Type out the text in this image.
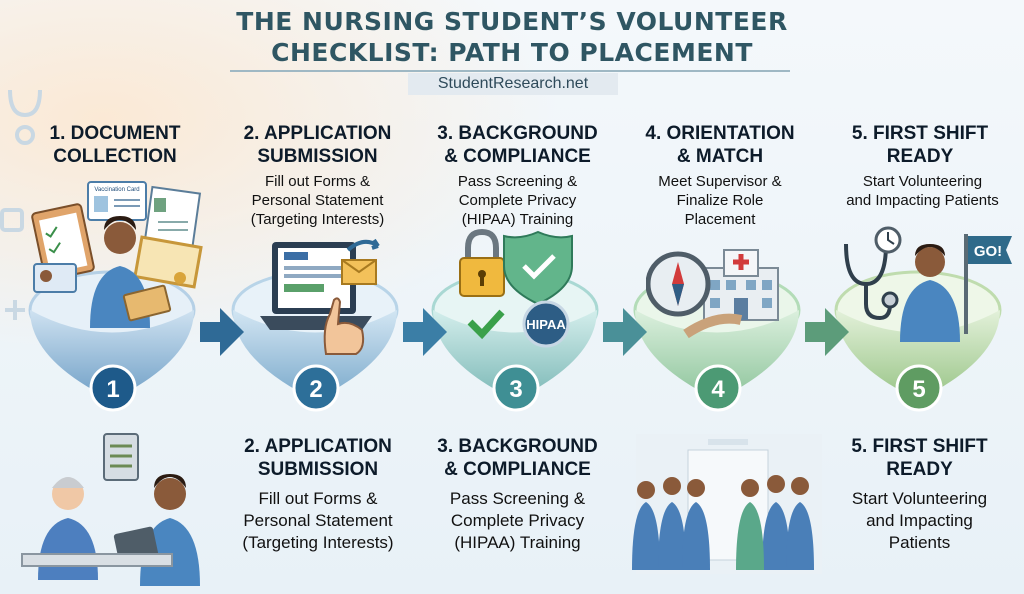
THE NURSING STUDENT’S VOLUNTEER
CHECKLIST: PATH TO PLACEMENT
StudentResearch.net
1	2	3	4	5
1. DOCUMENT
COLLECTION
2. APPLICATION
SUBMISSION
3. BACKGROUND
& COMPLIANCE
4. ORIENTATION
& MATCH
5. FIRST SHIFT
READY
Fill out Forms &
Personal Statement
(Targeting Interests)
Pass Screening &
Complete Privacy
(HIPAA) Training
Meet Supervisor &
Finalize Role
Placement
Start Volunteering
and Impacting Patients
Vaccination Card
HIPAA
GO!
2. APPLICATION
SUBMISSION
3. BACKGROUND
& COMPLIANCE
5. FIRST SHIFT
READY
Fill out Forms &
Personal Statement
(Targeting Interests)
Pass Screening &
Complete Privacy
(HIPAA) Training
Start Volunteering
and Impacting
Patients
